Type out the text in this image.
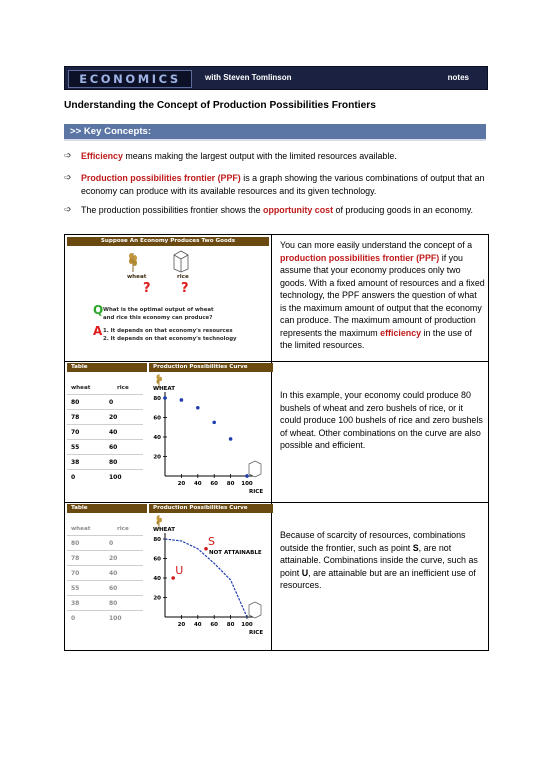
ECONOMICS	with Steven Tomlinson	notes
Understanding the Concept of Production Possibilities Frontiers
>> Key Concepts:
➩ Efficiency means making the largest output with the limited resources available.
➩ Production possibilities frontier (PPF) is a graph showing the various combinations of output that an economy can produce with its available resources and its given technology.
➩ The production possibilities frontier shows the opportunity cost of producing goods in an economy.
You can more easily understand the concept of a production possibilities frontier (PPF) if you assume that your economy produces only two goods. With a fixed amount of resources and a fixed technology, the PPF answers the question of what is the maximum amount of output that the economy can produce. The maximum amount of production represents the maximum efficiency in the use of the limited resources.
In this example, your economy could produce 80 bushels of wheat and zero bushels of rice, or it could produce 100 bushels of rice and zero bushels of wheat. Other combinations on the curve are also possible and efficient.
Because of scarcity of resources, combinations outside the frontier, such as point S, are not attainable. Combinations inside the curve, such as point U, are attainable but are an inefficient use of resources.
Suppose An Economy Produces Two Goods
wheat	rice
? ?
Q What is the optimal output of wheat
and rice this economy can produce?
A 1. It depends on that economy's resources
2. It depends on that economy's technology
Table	Production Possibilities Curve
wheat	rice
80	0
78	20
70	40
55	60
38	80
0	100
20
40
60
80
20 40 60 80 100
WHEAT
RICE
Table	Production Possibilities Curve
wheat	rice
80	0
78	20
70	40
55	60
38	80
0	100
20
40
60
80
20 40 60 80 100
WHEAT
RICE
S
U
NOT ATTAINABLE
